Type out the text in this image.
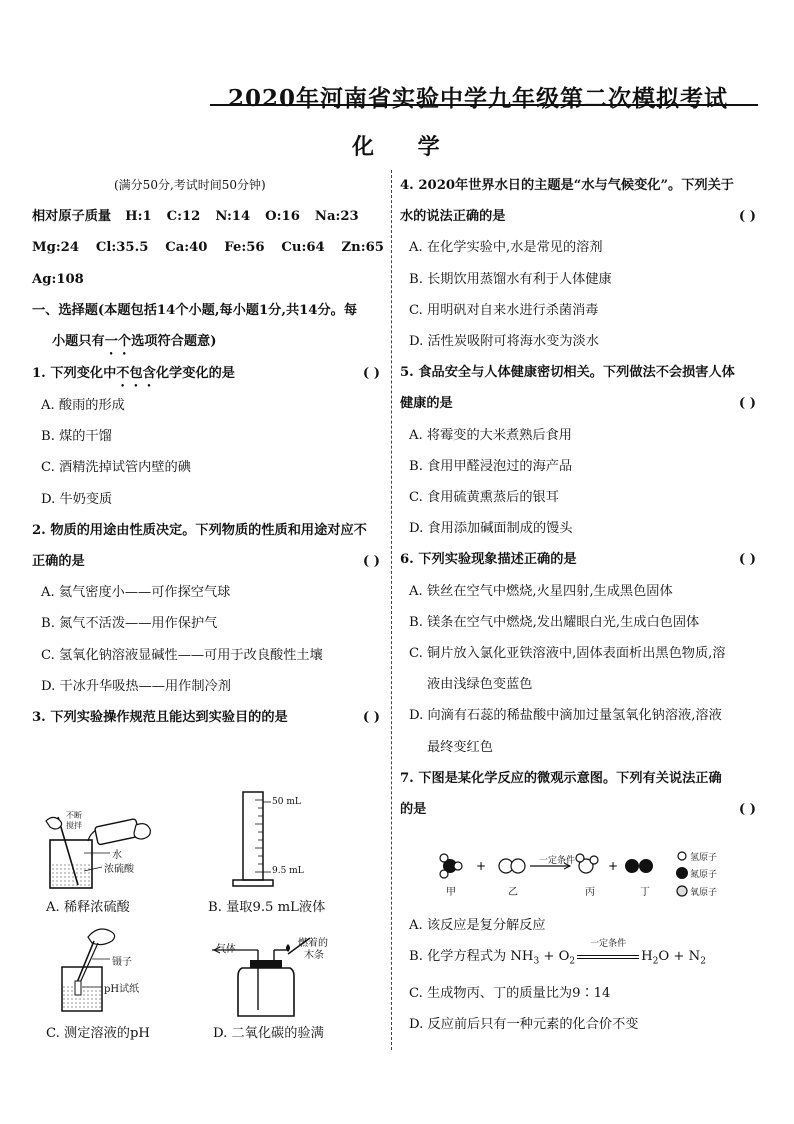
2020年河南省实验中学九年级第二次模拟考试
化 学
(满分50分,考试时间50分钟)
相对原子质量 H:1 C:12 N:14 O:16 Na:23
Mg:24 Cl:35.5 Ca:40 Fe:56 Cu:64 Zn:65
Ag:108
一、选择题(本题包括14个小题,每小题1分,共14分。每
小题只有一个选项符合题意)
1. 下列变化中不包含化学变化的是	( )
A. 酸雨的形成
B. 煤的干馏
C. 酒精洗掉试管内壁的碘
D. 牛奶变质
2. 物质的用途由性质决定。下列物质的性质和用途对应不
正确的是	( )
A. 氦气密度小——可作探空气球
B. 氮气不活泼——用作保护气
C. 氢氧化钠溶液显碱性——可用于改良酸性土壤
D. 干冰升华吸热——用作制冷剂
3. 下列实验操作规范且能达到实验目的的是	( )
不断
搅拌
水
浓硫酸
A. 稀释浓硫酸
50 mL
9.5 mL
B. 量取9.5 mL液体
镊子
pH试纸
C. 测定溶液的pH
气体
燃着的
木条
D. 二氧化碳的验满
4. 2020年世界水日的主题是“水与气候变化”。下列关于
水的说法正确的是	( )
A. 在化学实验中,水是常见的溶剂
B. 长期饮用蒸馏水有利于人体健康
C. 用明矾对自来水进行杀菌消毒
D. 活性炭吸附可将海水变为淡水
5. 食品安全与人体健康密切相关。下列做法不会损害人体
健康的是	( )
A. 将霉变的大米煮熟后食用
B. 食用甲醛浸泡过的海产品
C. 食用硫黄熏蒸后的银耳
D. 食用添加碱面制成的馒头
6. 下列实验现象描述正确的是	( )
A. 铁丝在空气中燃烧,火星四射,生成黑色固体
B. 镁条在空气中燃烧,发出耀眼白光,生成白色固体
C. 铜片放入氯化亚铁溶液中,固体表面析出黑色物质,溶
液由浅绿色变蓝色
D. 向滴有石蕊的稀盐酸中滴加过量氢氧化钠溶液,溶液
最终变红色
7. 下图是某化学反应的微观示意图。下列有关说法正确
的是	( )
+	+
一定条件
甲	乙	丙	丁
氢原子
氮原子
氧原子
A. 该反应是复分解反应
B. 化学方程式为 $NH_3 + O_2$
一定条件
$H_2O + N_2$
C. 生成物丙、丁的质量比为9∶14
D. 反应前后只有一种元素的化合价不变
